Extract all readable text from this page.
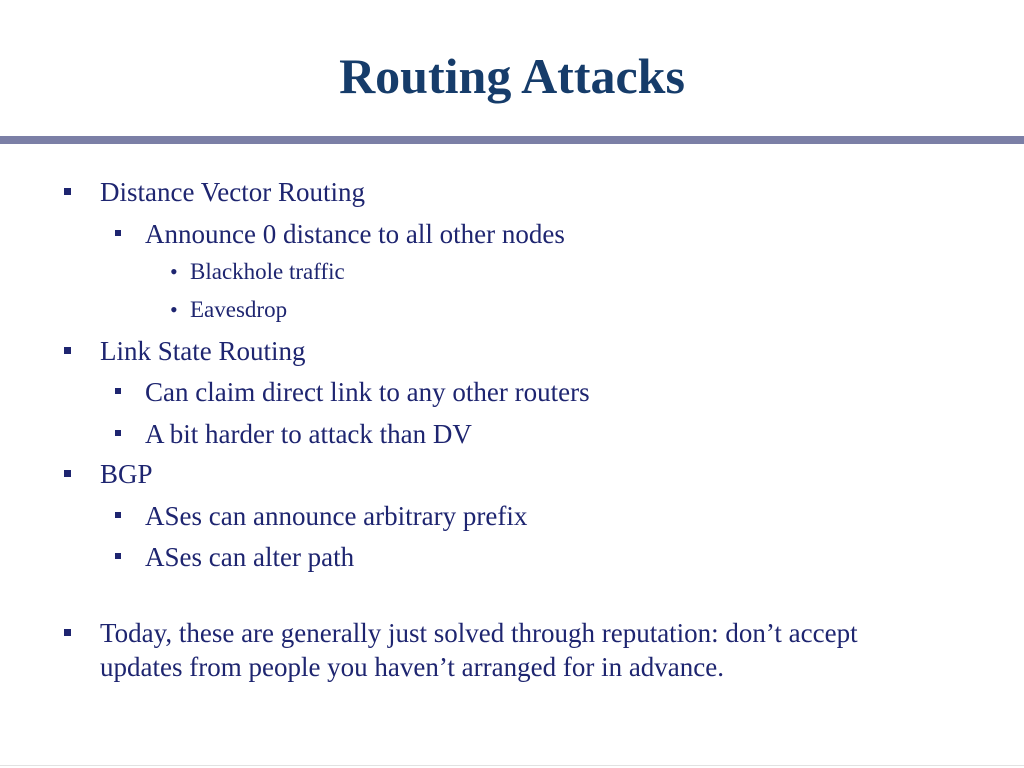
Routing Attacks
Distance Vector Routing
Announce 0 distance to all other nodes
• Blackhole traffic
• Eavesdrop
Link State Routing
Can claim direct link to any other routers
A bit harder to attack than DV
BGP
ASes can announce arbitrary prefix
ASes can alter path
Today, these are generally just solved through reputation: don’t accept
updates from people you haven’t arranged for in advance.
